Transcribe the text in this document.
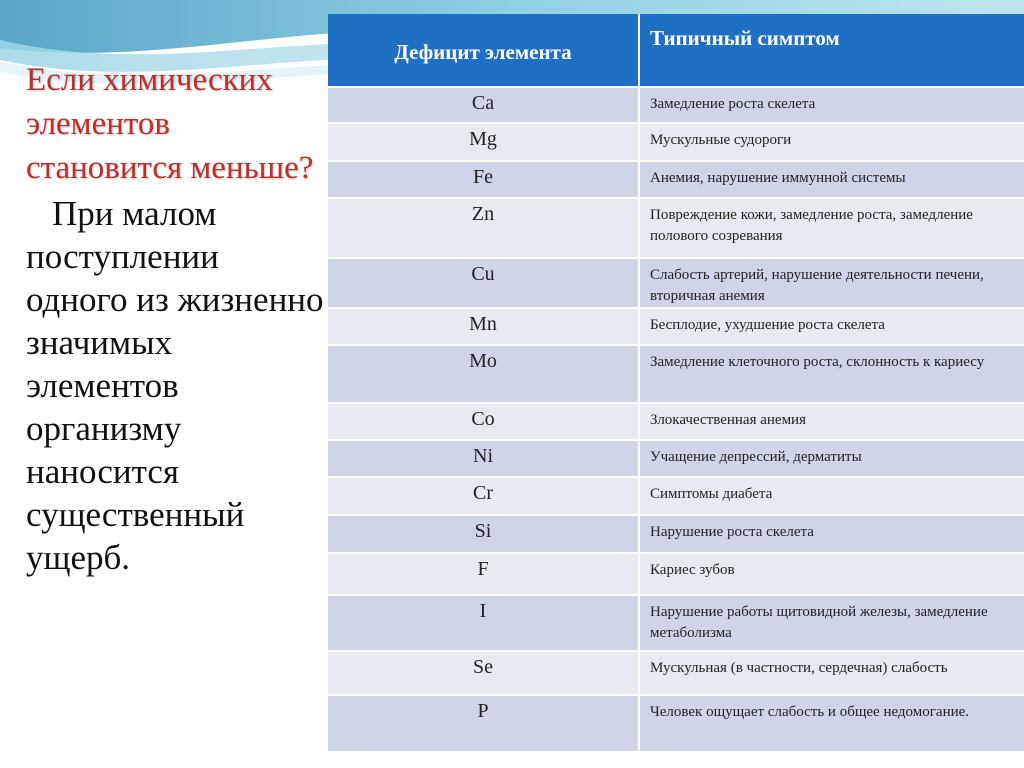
Если химических
элементов
становится меньше?

При малом поступлении одного из жизненно значимых элементов организму наносится существенный ущерб.

Дефицит элемента	Типичный симптом
Ca	Замедление роста скелета
Mg	Мускульные судороги
Fe	Анемия, нарушение иммунной системы
Zn	Повреждение кожи, замедление роста, замедление полового созревания
Cu	Слабость артерий, нарушение деятельности печени, вторичная анемия
Mn	Бесплодие, ухудшение роста скелета
Mo	Замедление клеточного роста, склонность к кариесу
Co	Злокачественная анемия
Ni	Учащение депрессий, дерматиты
Cr	Симптомы диабета
Si	Нарушение роста скелета
F	Кариес зубов
I	Нарушение работы щитовидной железы, замедление метаболизма
Se	Мускульная (в частности, сердечная) слабость
P	Человек ощущает слабость и общее недомогание.
